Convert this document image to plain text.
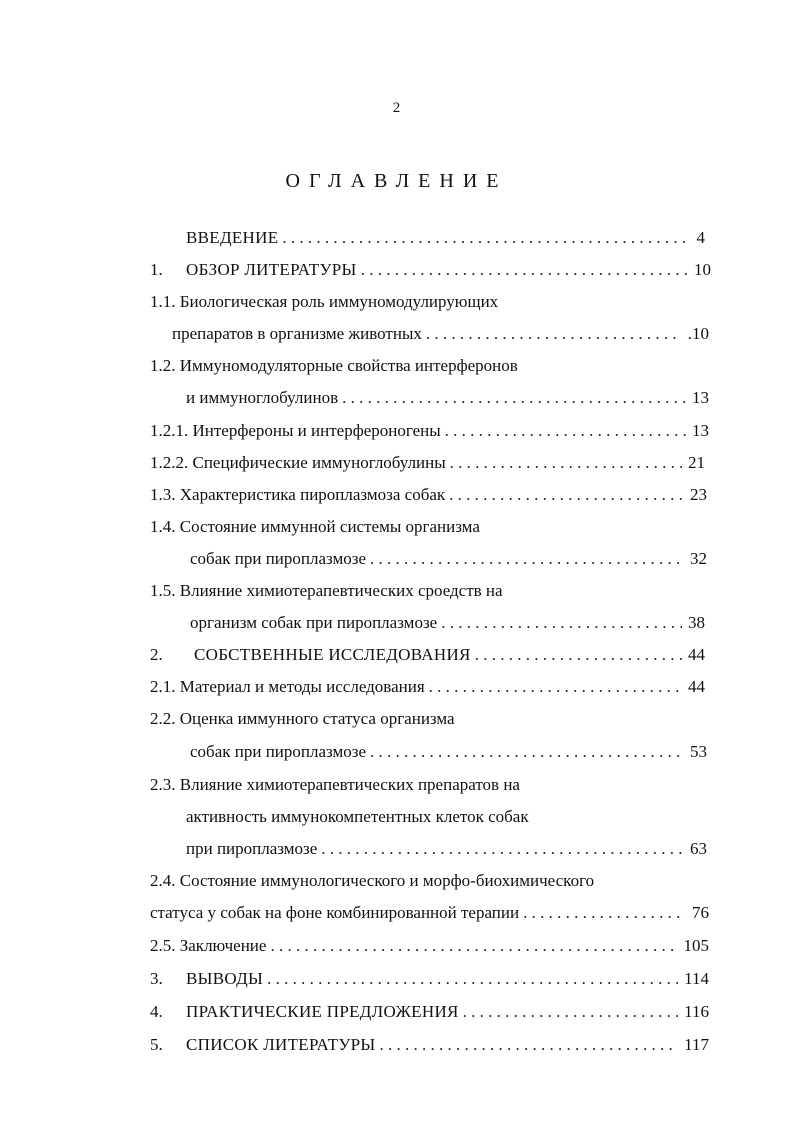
2
ОГЛАВЛЕНИЕ
ВВЕДЕНИЕ . . .	4
1.	ОБЗОР ЛИТЕРАТУРЫ . . .	10
1.1. Биологическая роль иммуномодулирующих
препаратов в организме животных . . .	.10
1.2. Иммуномодуляторные свойства интерферонов
и иммуноглобулинов . . .	13
1.2.1. Интерфероны и интерфероногены . . .	13
1.2.2. Специфические иммуноглобулины . . .	21
1.3. Характеристика пироплазмоза собак . . .	23
1.4. Состояние иммунной системы организма
собак при пироплазмозе . . .	32
1.5. Влияние химиотерапевтических сроедств на
организм собак при пироплазмозе . . .	38
2.	СОБСТВЕННЫЕ ИССЛЕДОВАНИЯ . . .	44
2.1. Материал и методы исследования . . .	44
2.2. Оценка иммунного статуса организма
собак при пироплазмозе . . .	53
2.3. Влияние химиотерапевтических препаратов на
активность иммунокомпетентных клеток собак
при пироплазмозе . . .	63
2.4. Состояние иммунологического и морфо-биохимического
статуса у собак на фоне комбинированной терапии . . .	76
2.5. Заключение . . .	105
3.	ВЫВОДЫ . . .	114
4.	ПРАКТИЧЕСКИЕ ПРЕДЛОЖЕНИЯ . . .	116
5.	СПИСОК ЛИТЕРАТУРЫ . . .	117
